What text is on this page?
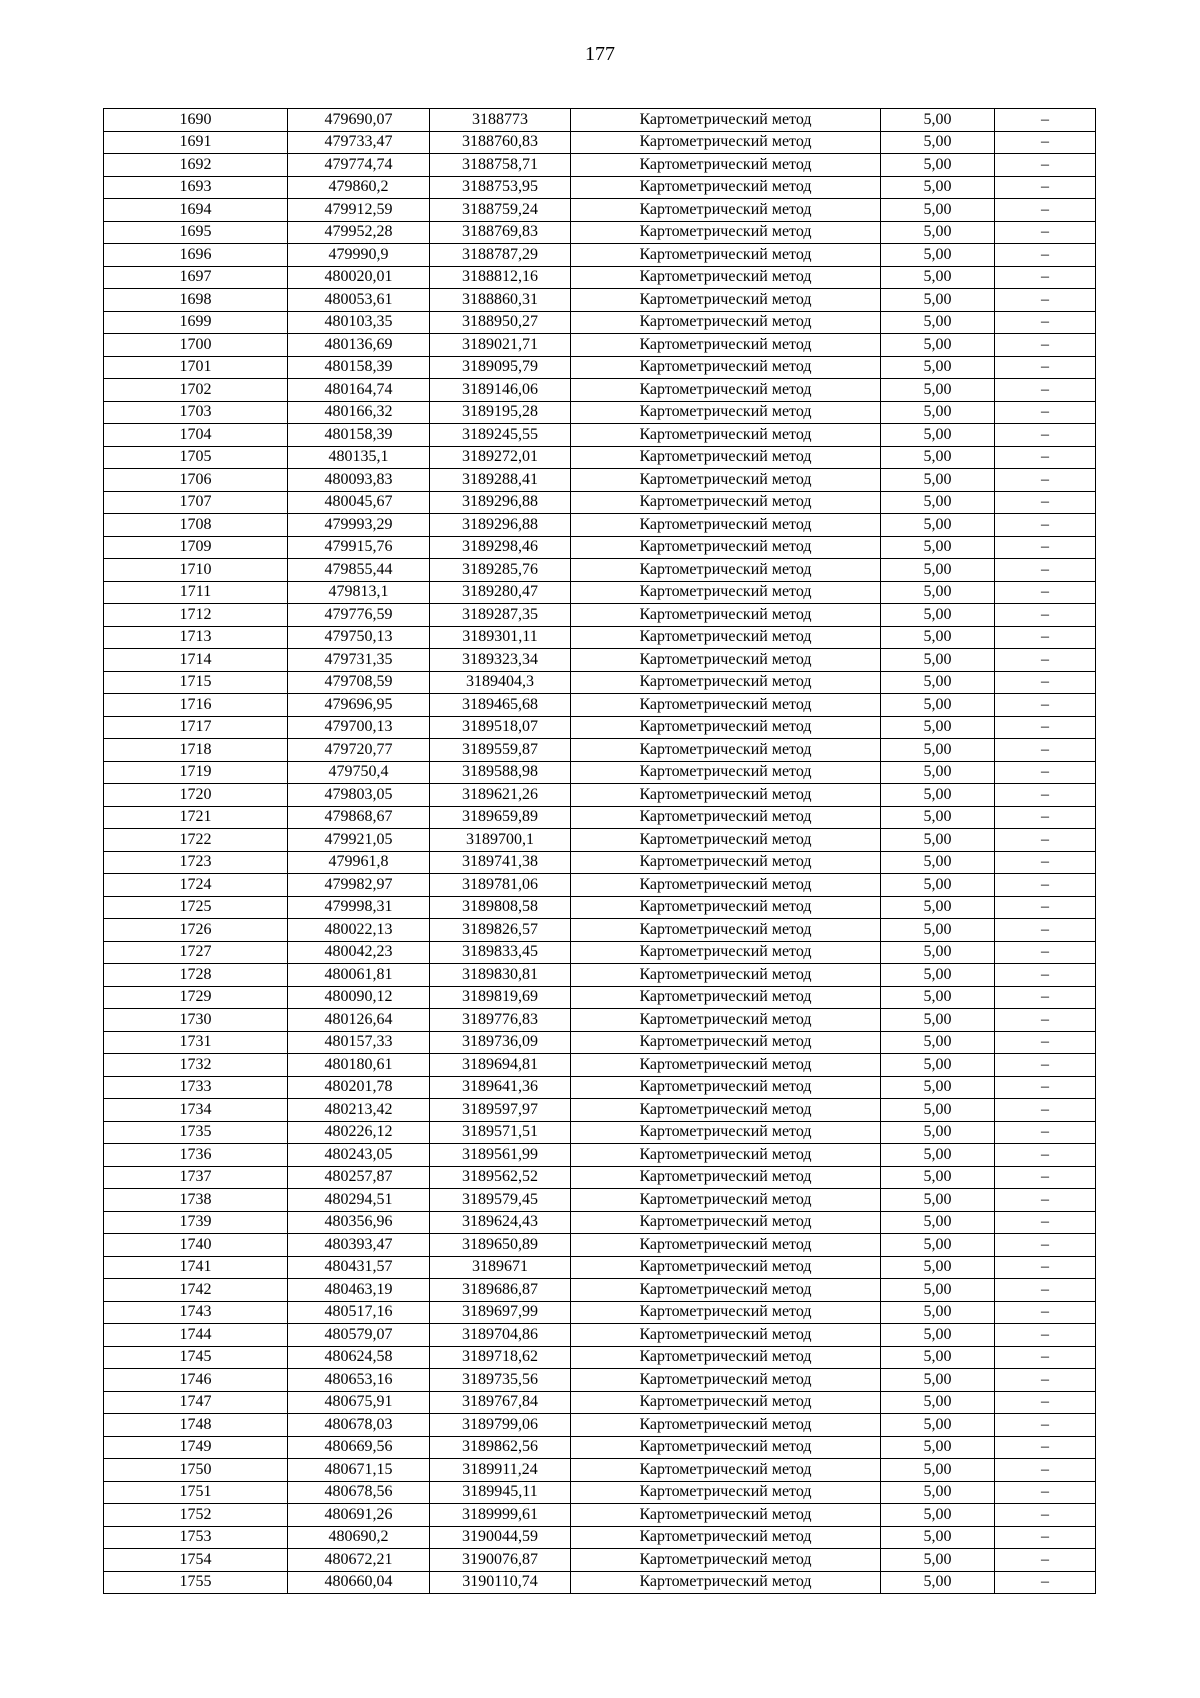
177
1690	479690,07	3188773	Картометрический метод	5,00	–
1691	479733,47	3188760,83	Картометрический метод	5,00	–
1692	479774,74	3188758,71	Картометрический метод	5,00	–
1693	479860,2	3188753,95	Картометрический метод	5,00	–
1694	479912,59	3188759,24	Картометрический метод	5,00	–
1695	479952,28	3188769,83	Картометрический метод	5,00	–
1696	479990,9	3188787,29	Картометрический метод	5,00	–
1697	480020,01	3188812,16	Картометрический метод	5,00	–
1698	480053,61	3188860,31	Картометрический метод	5,00	–
1699	480103,35	3188950,27	Картометрический метод	5,00	–
1700	480136,69	3189021,71	Картометрический метод	5,00	–
1701	480158,39	3189095,79	Картометрический метод	5,00	–
1702	480164,74	3189146,06	Картометрический метод	5,00	–
1703	480166,32	3189195,28	Картометрический метод	5,00	–
1704	480158,39	3189245,55	Картометрический метод	5,00	–
1705	480135,1	3189272,01	Картометрический метод	5,00	–
1706	480093,83	3189288,41	Картометрический метод	5,00	–
1707	480045,67	3189296,88	Картометрический метод	5,00	–
1708	479993,29	3189296,88	Картометрический метод	5,00	–
1709	479915,76	3189298,46	Картометрический метод	5,00	–
1710	479855,44	3189285,76	Картометрический метод	5,00	–
1711	479813,1	3189280,47	Картометрический метод	5,00	–
1712	479776,59	3189287,35	Картометрический метод	5,00	–
1713	479750,13	3189301,11	Картометрический метод	5,00	–
1714	479731,35	3189323,34	Картометрический метод	5,00	–
1715	479708,59	3189404,3	Картометрический метод	5,00	–
1716	479696,95	3189465,68	Картометрический метод	5,00	–
1717	479700,13	3189518,07	Картометрический метод	5,00	–
1718	479720,77	3189559,87	Картометрический метод	5,00	–
1719	479750,4	3189588,98	Картометрический метод	5,00	–
1720	479803,05	3189621,26	Картометрический метод	5,00	–
1721	479868,67	3189659,89	Картометрический метод	5,00	–
1722	479921,05	3189700,1	Картометрический метод	5,00	–
1723	479961,8	3189741,38	Картометрический метод	5,00	–
1724	479982,97	3189781,06	Картометрический метод	5,00	–
1725	479998,31	3189808,58	Картометрический метод	5,00	–
1726	480022,13	3189826,57	Картометрический метод	5,00	–
1727	480042,23	3189833,45	Картометрический метод	5,00	–
1728	480061,81	3189830,81	Картометрический метод	5,00	–
1729	480090,12	3189819,69	Картометрический метод	5,00	–
1730	480126,64	3189776,83	Картометрический метод	5,00	–
1731	480157,33	3189736,09	Картометрический метод	5,00	–
1732	480180,61	3189694,81	Картометрический метод	5,00	–
1733	480201,78	3189641,36	Картометрический метод	5,00	–
1734	480213,42	3189597,97	Картометрический метод	5,00	–
1735	480226,12	3189571,51	Картометрический метод	5,00	–
1736	480243,05	3189561,99	Картометрический метод	5,00	–
1737	480257,87	3189562,52	Картометрический метод	5,00	–
1738	480294,51	3189579,45	Картометрический метод	5,00	–
1739	480356,96	3189624,43	Картометрический метод	5,00	–
1740	480393,47	3189650,89	Картометрический метод	5,00	–
1741	480431,57	3189671	Картометрический метод	5,00	–
1742	480463,19	3189686,87	Картометрический метод	5,00	–
1743	480517,16	3189697,99	Картометрический метод	5,00	–
1744	480579,07	3189704,86	Картометрический метод	5,00	–
1745	480624,58	3189718,62	Картометрический метод	5,00	–
1746	480653,16	3189735,56	Картометрический метод	5,00	–
1747	480675,91	3189767,84	Картометрический метод	5,00	–
1748	480678,03	3189799,06	Картометрический метод	5,00	–
1749	480669,56	3189862,56	Картометрический метод	5,00	–
1750	480671,15	3189911,24	Картометрический метод	5,00	–
1751	480678,56	3189945,11	Картометрический метод	5,00	–
1752	480691,26	3189999,61	Картометрический метод	5,00	–
1753	480690,2	3190044,59	Картометрический метод	5,00	–
1754	480672,21	3190076,87	Картометрический метод	5,00	–
1755	480660,04	3190110,74	Картометрический метод	5,00	–
